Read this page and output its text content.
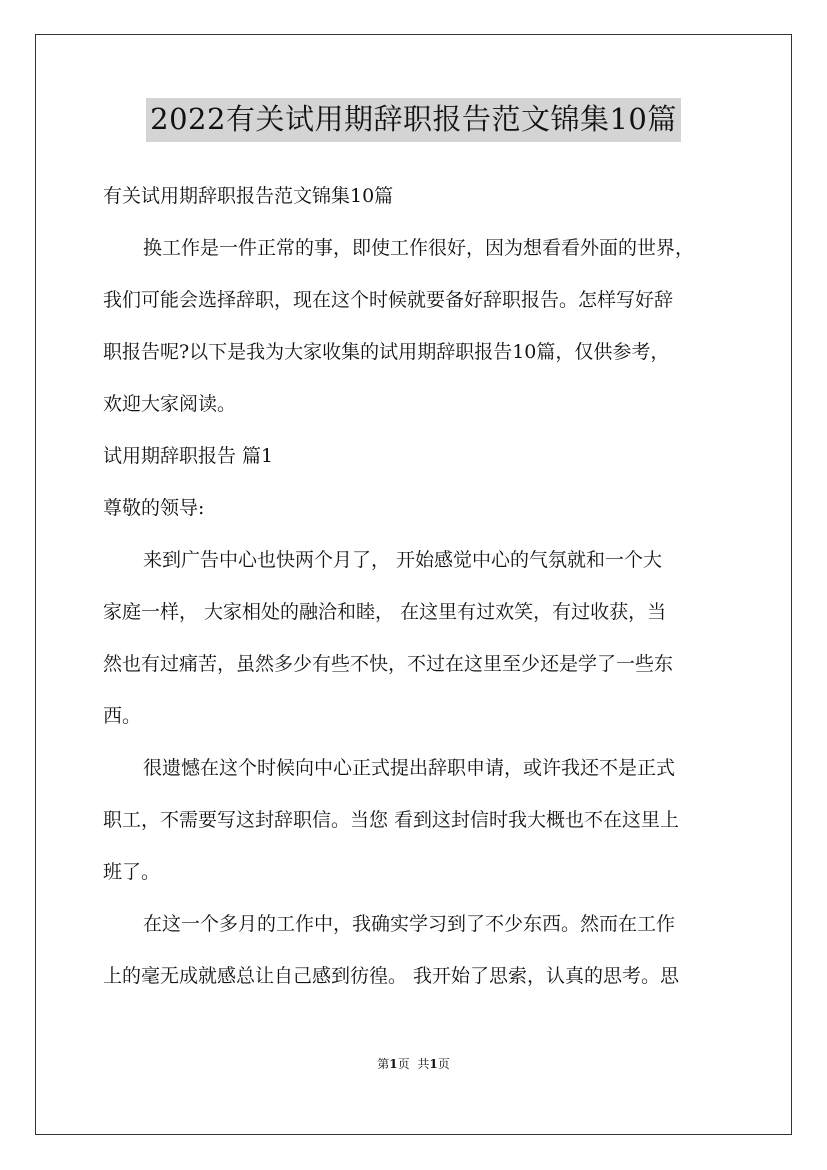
2022有关试用期辞职报告范文锦集10篇
有关试用期辞职报告范文锦集10篇
换工作是一件正常的事，即使工作很好，因为想看看外面的世界，
我们可能会选择辞职，现在这个时候就要备好辞职报告。怎样写好辞
职报告呢?以下是我为大家收集的试用期辞职报告10篇，仅供参考，
欢迎大家阅读。
试用期辞职报告 篇1
尊敬的领导:
来到广告中心也快两个月了， 开始感觉中心的气氛就和一个大
家庭一样， 大家相处的融洽和睦， 在这里有过欢笑，有过收获，当
然也有过痛苦，虽然多少有些不快，不过在这里至少还是学了一些东
西。
很遗憾在这个时候向中心正式提出辞职申请，或许我还不是正式
职工，不需要写这封辞职信。当您 看到这封信时我大概也不在这里上
班了。
在这一个多月的工作中，我确实学习到了不少东西。然而在工作
上的毫无成就感总让自己感到彷徨。 我开始了思索，认真的思考。思
第1页 共1页
